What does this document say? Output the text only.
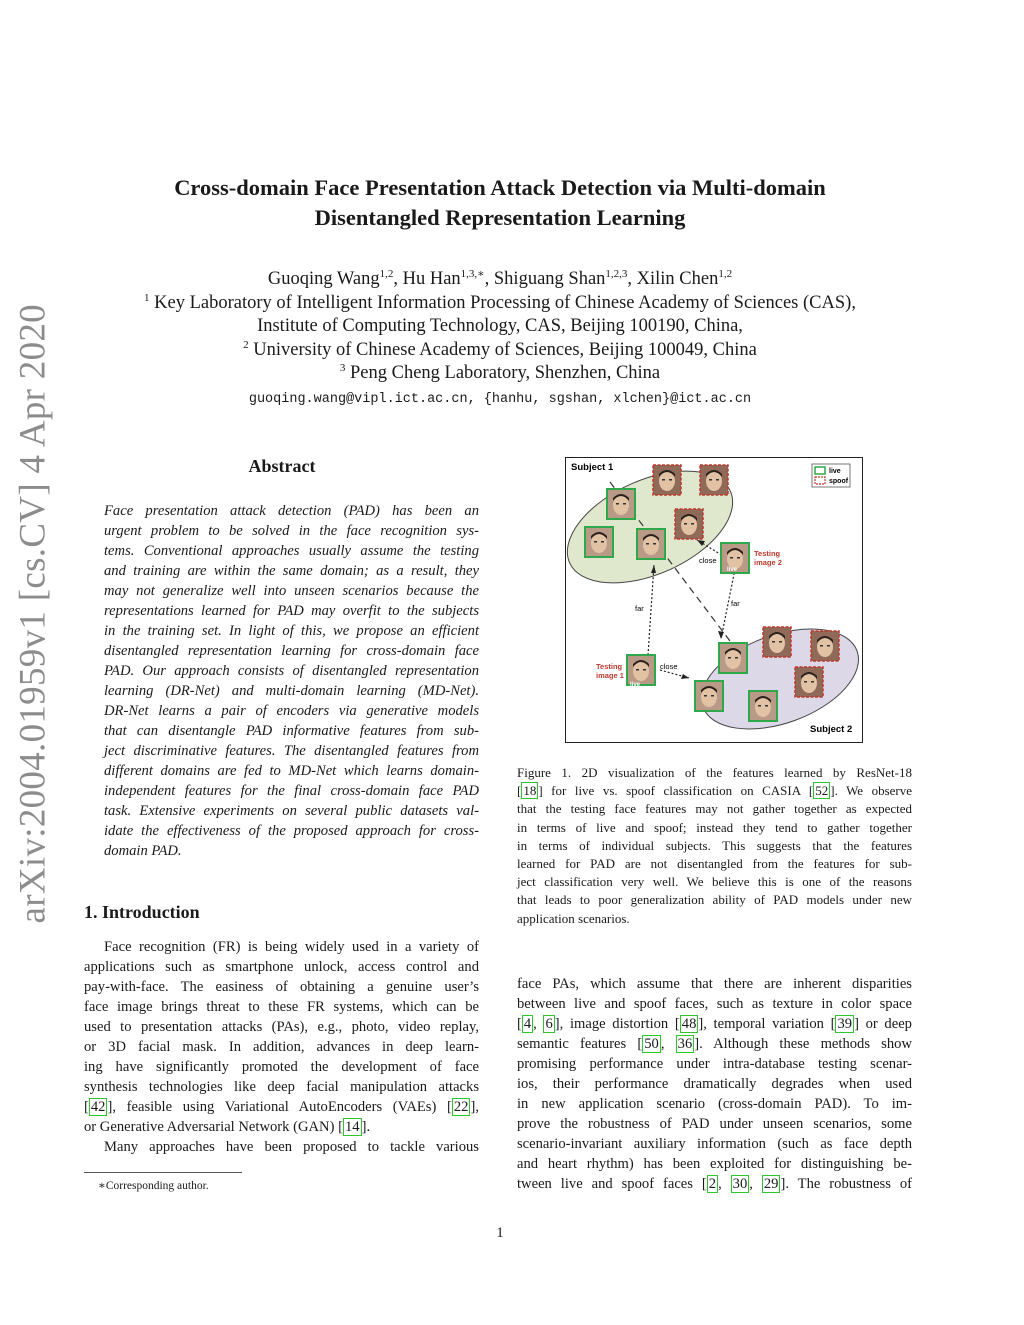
Cross-domain Face Presentation Attack Detection via Multi-domain
Disentangled Representation Learning
Guoqing Wang$^{1,2}$, Hu Han$^{1,3,∗}$, Shiguang Shan$^{1,2,3}$, Xilin Chen$^{1,2}$
$^1$ Key Laboratory of Intelligent Information Processing of Chinese Academy of Sciences (CAS),
Institute of Computing Technology, CAS, Beijing 100190, China,
$^2$ University of Chinese Academy of Sciences, Beijing 100049, China
$^3$ Peng Cheng Laboratory, Shenzhen, China
guoqing.wang@vipl.ict.ac.cn, {hanhu, sgshan, xlchen}@ict.ac.cn
arXiv:2004.01959v1 [cs.CV] 4 Apr 2020	Abstract
Face presentation attack detection (PAD) has been an
urgent problem to be solved in the face recognition sys-
tems. Conventional approaches usually assume the testing
and training are within the same domain; as a result, they
may not generalize well into unseen scenarios because the
representations learned for PAD may overfit to the subjects
in the training set. In light of this, we propose an efficient
disentangled representation learning for cross-domain face
PAD. Our approach consists of disentangled representation
learning (DR-Net) and multi-domain learning (MD-Net).
DR-Net learns a pair of encoders via generative models
that can disentangle PAD informative features from sub-
ject discriminative features. The disentangled features from
different domains are fed to MD-Net which learns domain-
independent features for the final cross-domain face PAD
task. Extensive experiments on several public datasets val-
idate the effectiveness of the proposed approach for cross-
domain PAD.
1. Introduction
Face recognition (FR) is being widely used in a variety of
applications such as smartphone unlock, access control and
pay-with-face. The easiness of obtaining a genuine user’s
face image brings threat to these FR systems, which can be
used to presentation attacks (PAs), e.g., photo, video replay,
or 3D facial mask. In addition, advances in deep learn-
ing have significantly promoted the development of face
synthesis technologies like deep facial manipulation attacks
[ 42 ], feasible using Variational AutoEncoders (VAEs) [ 22 ],
or Generative Adversarial Network (GAN) [ 14 ].
Many approaches have been proposed to tackle various
∗Corresponding author.
Subject 1
Subject 2
close
close
far
far
Testing
image 2
Testing
image 1
live
spoof
live
live
Figure 1. 2D visualization of the features learned by ResNet-18
[ 18 ] for live vs. spoof classification on CASIA [ 52 ]. We observe
that the testing face features may not gather together as expected
in terms of live and spoof; instead they tend to gather together
in terms of individual subjects. This suggests that the features
learned for PAD are not disentangled from the features for sub-
ject classification very well. We believe this is one of the reasons
that leads to poor generalization ability of PAD models under new
application scenarios.
face PAs, which assume that there are inherent disparities
between live and spoof faces, such as texture in color space
[ 4 , 6 ], image distortion [ 48 ], temporal variation [ 39 ] or deep
semantic features [ 50 , 36 ]. Although these methods show
promising performance under intra-database testing scenar-
ios, their performance dramatically degrades when used
in new application scenario (cross-domain PAD). To im-
prove the robustness of PAD under unseen scenarios, some
scenario-invariant auxiliary information (such as face depth
and heart rhythm) has been exploited for distinguishing be-
tween live and spoof faces [ 2 , 30 , 29 ]. The robustness of
1
